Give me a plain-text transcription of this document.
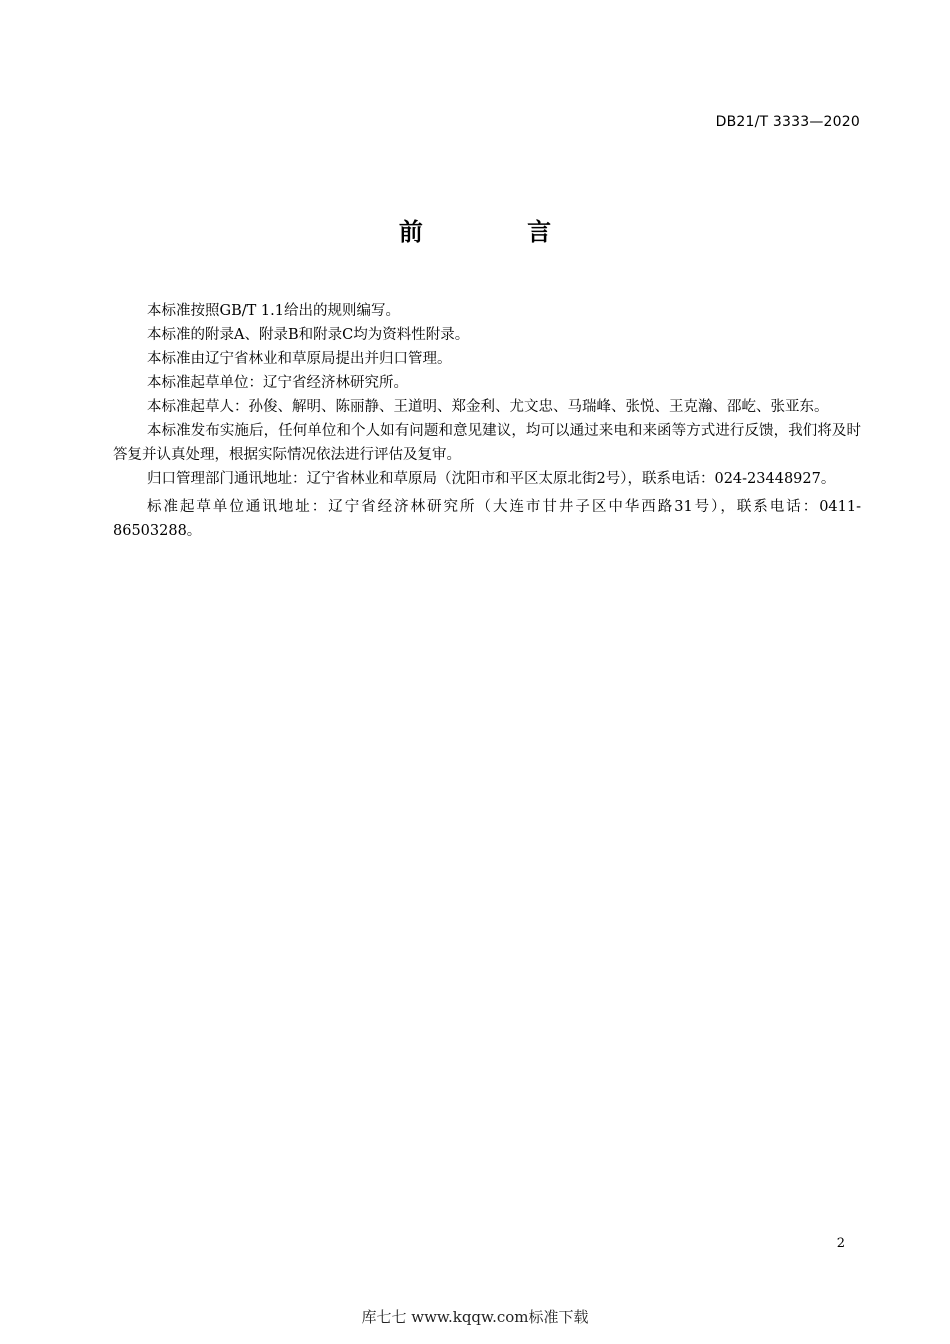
DB21/T 3333—2020
前 言

本标准按照GB/T 1.1给出的规则编写。

本标准的附录A、附录B和附录C均为资料性附录。

本标准由辽宁省林业和草原局提出并归口管理。

本标准起草单位：辽宁省经济林研究所。

本标准起草人：孙俊、解明、陈丽静、王道明、郑金利、尤文忠、马瑞峰、张悦、王克瀚、邵屹、张亚东。

本标准发布实施后，任何单位和个人如有问题和意见建议，均可以通过来电和来函等方式进行反馈，我们将及时答复并认真处理，根据实际情况依法进行评估及复审。

归口管理部门通讯地址：辽宁省林业和草原局（沈阳市和平区太原北街2号），联系电话：024-23448927。

标准起草单位通讯地址：辽宁省经济林研究所（大连市甘井子区中华西路31号），联系电话：0411-86503288。

2
库七七 www.kqqw.com标准下载
